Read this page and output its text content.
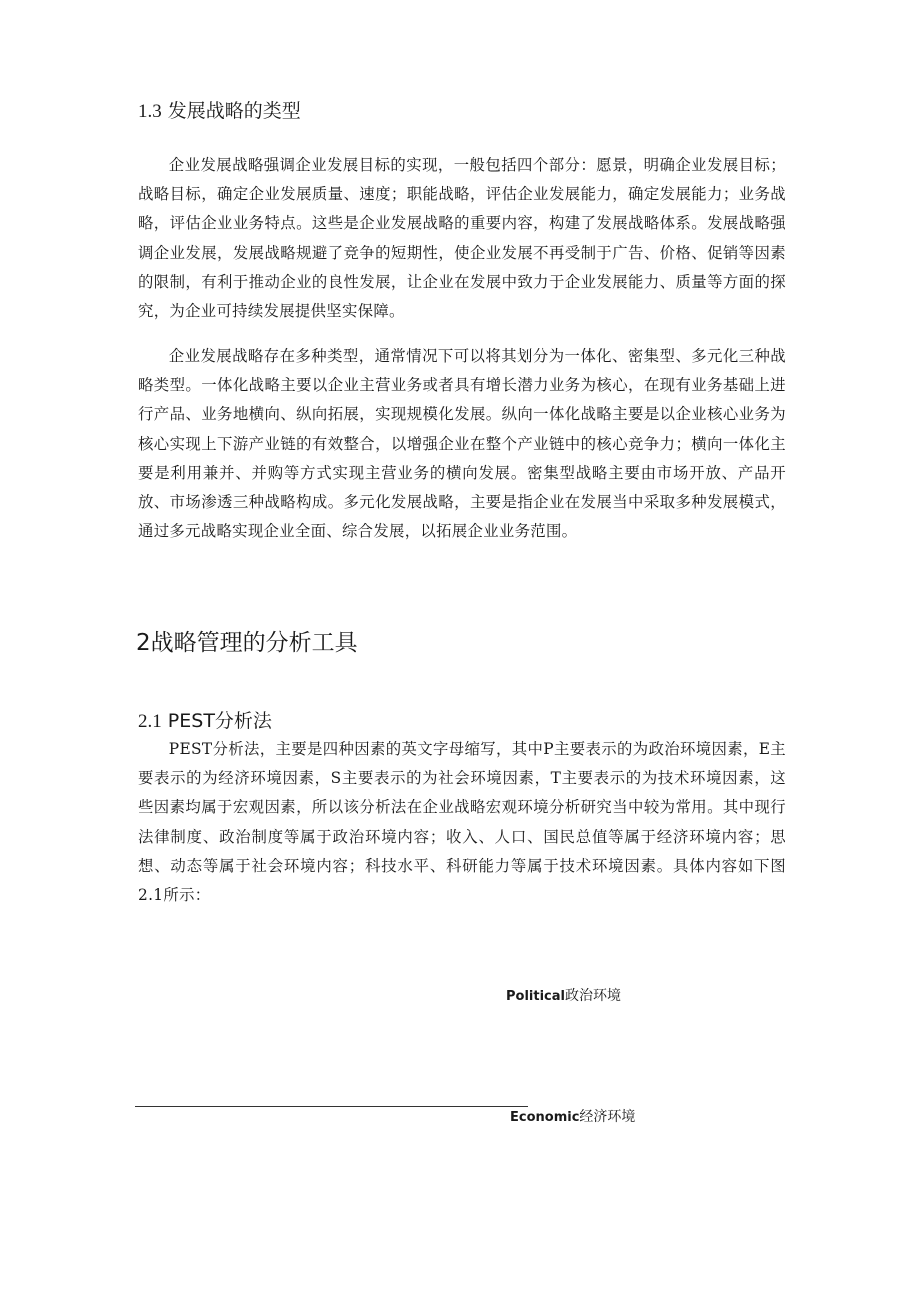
1.3 发展战略的类型

企业发展战略强调企业发展目标的实现，一般包括四个部分：愿景，明确企业发展目标；战略目标，确定企业发展质量、速度；职能战略，评估企业发展能力，确定发展能力；业务战略，评估企业业务特点。这些是企业发展战略的重要内容，构建了发展战略体系。发展战略强调企业发展，发展战略规避了竞争的短期性，使企业发展不再受制于广告、价格、促销等因素的限制，有利于推动企业的良性发展，让企业在发展中致力于企业发展能力、质量等方面的探究，为企业可持续发展提供坚实保障。

企业发展战略存在多种类型，通常情况下可以将其划分为一体化、密集型、多元化三种战略类型。一体化战略主要以企业主营业务或者具有增长潜力业务为核心，在现有业务基础上进行产品、业务地横向、纵向拓展，实现规模化发展。纵向一体化战略主要是以企业核心业务为核心实现上下游产业链的有效整合，以增强企业在整个产业链中的核心竞争力；横向一体化主要是利用兼并、并购等方式实现主营业务的横向发展。密集型战略主要由市场开放、产品开放、市场渗透三种战略构成。多元化发展战略，主要是指企业在发展当中采取多种发展模式，通过多元战略实现企业全面、综合发展，以拓展企业业务范围。

2战略管理的分析工具
2.1 PEST分析法

PEST分析法，主要是四种因素的英文字母缩写，其中P主要表示的为政治环境因素，E主要表示的为经济环境因素，S主要表示的为社会环境因素，T主要表示的为技术环境因素，这些因素均属于宏观因素，所以该分析法在企业战略宏观环境分析研究当中较为常用。其中现行法律制度、政治制度等属于政治环境内容；收入、人口、国民总值等属于经济环境内容；思想、动态等属于社会环境内容；科技水平、科研能力等属于技术环境因素。具体内容如下图2.1所示：

Political政治环境
Economic经济环境
